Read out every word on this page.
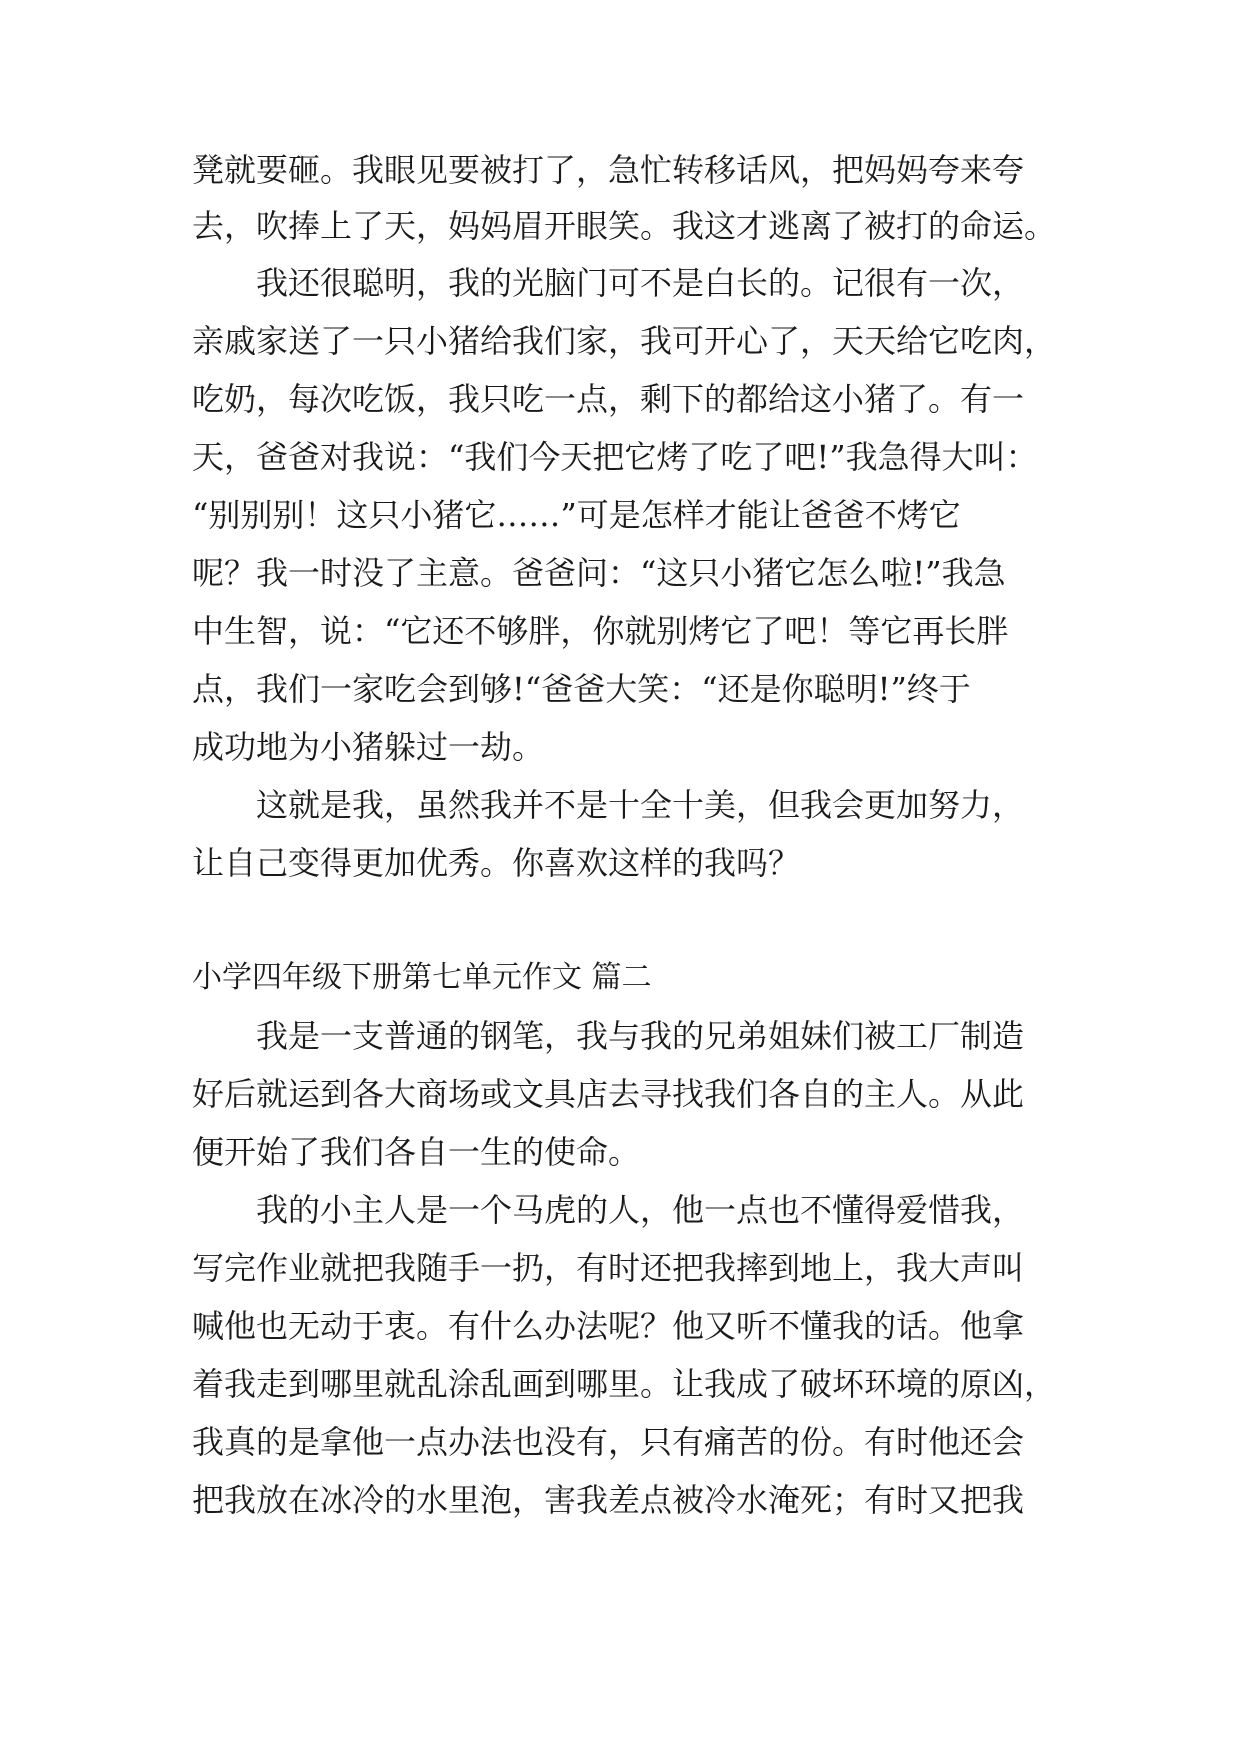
凳就要砸。我眼见要被打了，急忙转移话风，把妈妈夸来夸
去，吹捧上了天，妈妈眉开眼笑。我这才逃离了被打的命运。
　　我还很聪明，我的光脑门可不是白长的。记很有一次，
亲戚家送了一只小猪给我们家，我可开心了，天天给它吃肉，
吃奶，每次吃饭，我只吃一点，剩下的都给这小猪了。有一
天，爸爸对我说：“我们今天把它烤了吃了吧!”我急得大叫：
“别别别！这只小猪它……”可是怎样才能让爸爸不烤它
呢？我一时没了主意。爸爸问：“这只小猪它怎么啦!”我急
中生智，说：“它还不够胖，你就别烤它了吧！等它再长胖
点，我们一家吃会到够!“爸爸大笑：“还是你聪明!”终于
成功地为小猪躲过一劫。
　　这就是我，虽然我并不是十全十美，但我会更加努力，
让自己变得更加优秀。你喜欢这样的我吗？
小学四年级下册第七单元作文 篇二
　　我是一支普通的钢笔，我与我的兄弟姐妹们被工厂制造
好后就运到各大商场或文具店去寻找我们各自的主人。从此
便开始了我们各自一生的使命。
　　我的小主人是一个马虎的人，他一点也不懂得爱惜我，
写完作业就把我随手一扔，有时还把我摔到地上，我大声叫
喊他也无动于衷。有什么办法呢？他又听不懂我的话。他拿
着我走到哪里就乱涂乱画到哪里。让我成了破坏环境的原凶，
我真的是拿他一点办法也没有，只有痛苦的份。有时他还会
把我放在冰冷的水里泡，害我差点被冷水淹死；有时又把我
